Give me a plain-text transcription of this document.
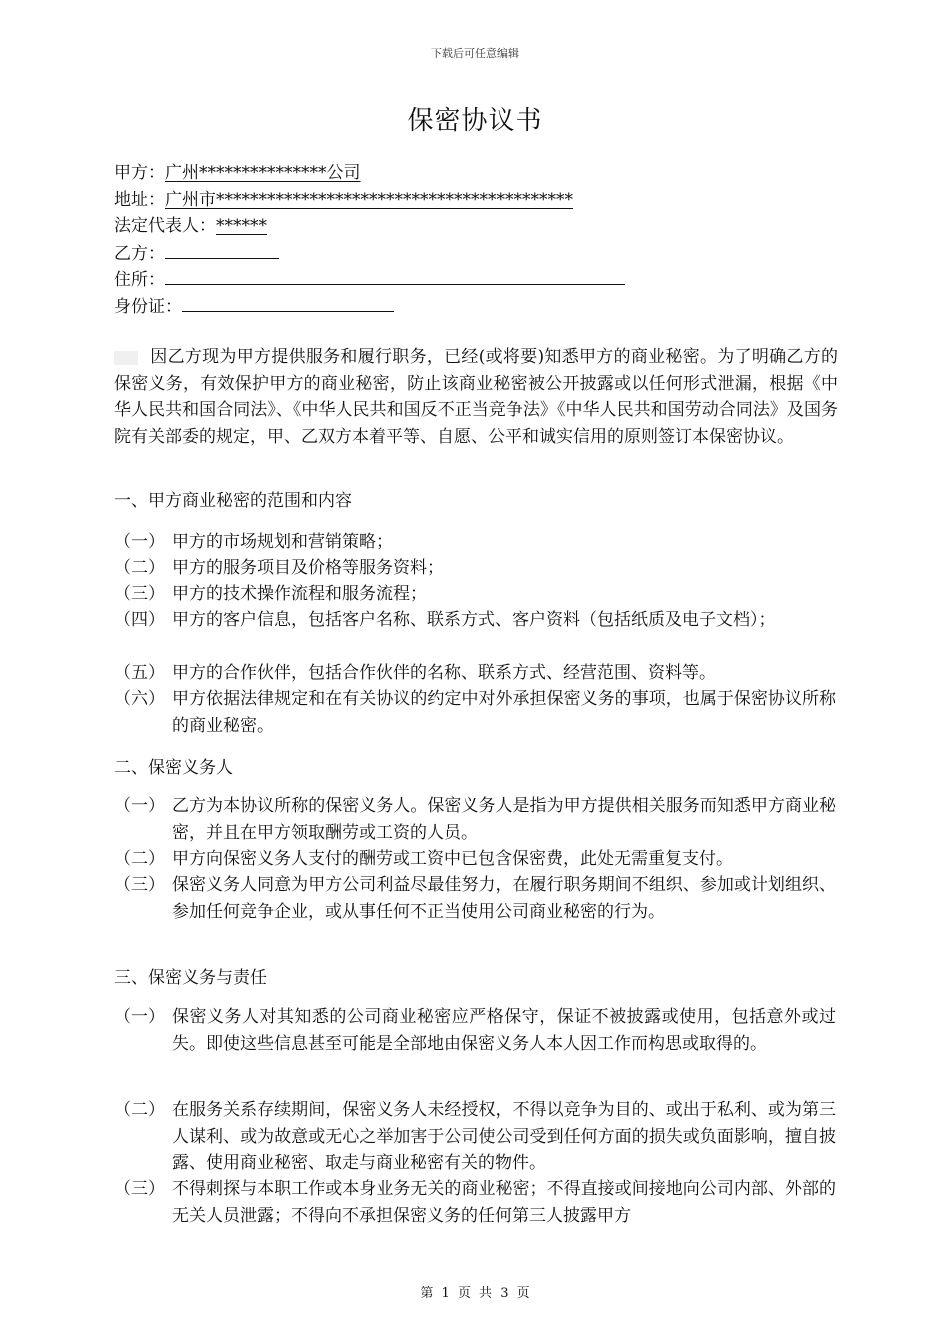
下载后可任意编辑
保密协议书
甲方：广州***************公司
地址：广州市******************************************
法定代表人：******
乙方：
住所：
身份证：
因乙方现为甲方提供服务和履行职务，已经(或将要)知悉甲方的商业秘密。为了明确乙方的保密义务，有效保护甲方的商业秘密，防止该商业秘密被公开披露或以任何形式泄漏，根据《中华人民共和国合同法》、《中华人民共和国反不正当竞争法》《中华人民共和国劳动合同法》及国务院有关部委的规定，甲、乙双方本着平等、自愿、公平和诚实信用的原则签订本保密协议。
一、甲方商业秘密的范围和内容
（一） 甲方的市场规划和营销策略；
（二） 甲方的服务项目及价格等服务资料；
（三） 甲方的技术操作流程和服务流程；
（四） 甲方的客户信息，包括客户名称、联系方式、客户资料（包括纸质及电子文档）；
（五） 甲方的合作伙伴，包括合作伙伴的名称、联系方式、经营范围、资料等。
（六） 甲方依据法律规定和在有关协议的约定中对外承担保密义务的事项，也属于保密协议所称的商业秘密。
二、保密义务人
（一） 乙方为本协议所称的保密义务人。保密义务人是指为甲方提供相关服务而知悉甲方商业秘密，并且在甲方领取酬劳或工资的人员。
（二） 甲方向保密义务人支付的酬劳或工资中已包含保密费，此处无需重复支付。
（三） 保密义务人同意为甲方公司利益尽最佳努力，在履行职务期间不组织、参加或计划组织、参加任何竞争企业，或从事任何不正当使用公司商业秘密的行为。
三、保密义务与责任
（一） 保密义务人对其知悉的公司商业秘密应严格保守，保证不被披露或使用，包括意外或过失。即使这些信息甚至可能是全部地由保密义务人本人因工作而构思或取得的。
（二） 在服务关系存续期间，保密义务人未经授权，不得以竞争为目的、或出于私利、或为第三人谋利、或为故意或无心之举加害于公司使公司受到任何方面的损失或负面影响，擅自披露、使用商业秘密、取走与商业秘密有关的物件。
（三） 不得刺探与本职工作或本身业务无关的商业秘密；不得直接或间接地向公司内部、外部的无关人员泄露；不得向不承担保密义务的任何第三人披露甲方
第 1 页 共 3 页
